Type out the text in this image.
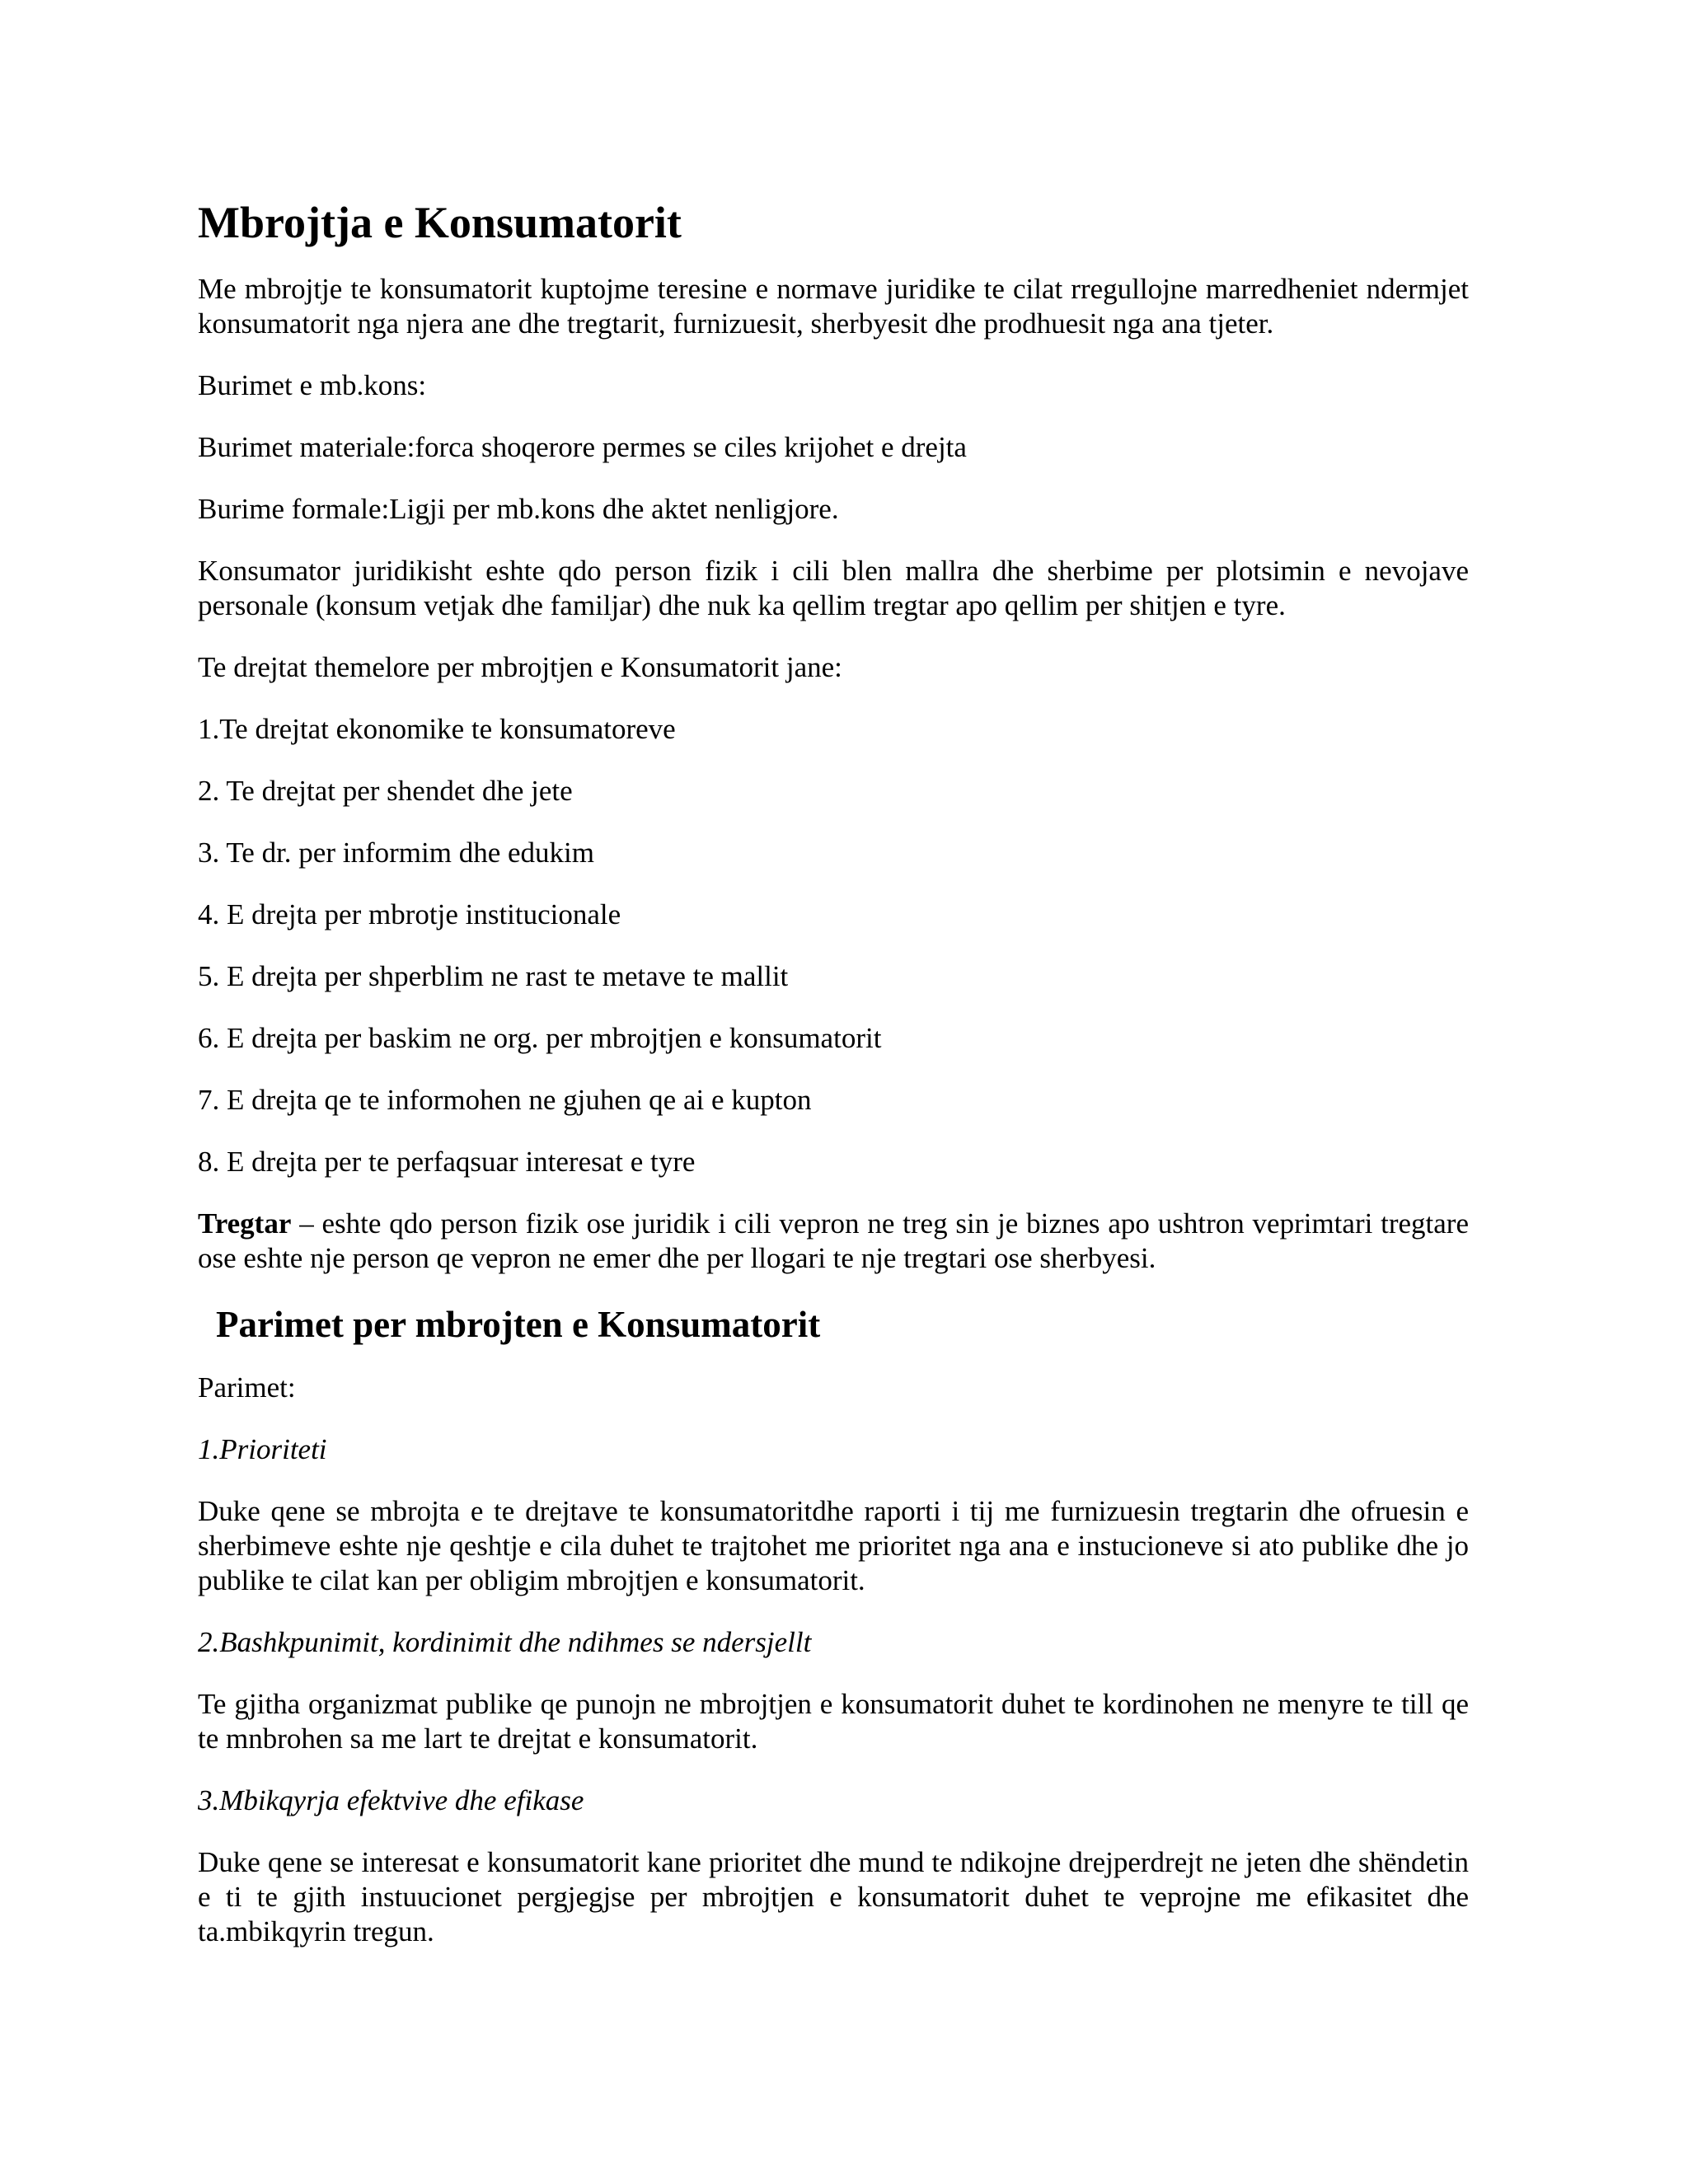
Mbrojtja e Konsumatorit

Me mbrojtje te konsumatorit kuptojme teresine e normave juridike te cilat rregullojne marredheniet ndermjet konsumatorit nga njera ane dhe tregtarit, furnizuesit, sherbyesit dhe prodhuesit nga ana tjeter.

Burimet e mb.kons:

Burimet materiale:forca shoqerore permes se ciles krijohet e drejta

Burime formale:Ligji per mb.kons dhe aktet nenligjore.

Konsumator juridikisht eshte qdo person fizik i cili blen mallra dhe sherbime per plotsimin e nevojave personale (konsum vetjak dhe familjar) dhe nuk ka qellim tregtar apo qellim per shitjen e tyre.

Te drejtat themelore per mbrojtjen e Konsumatorit jane:

1.Te drejtat ekonomike te konsumatoreve

2. Te drejtat per shendet dhe jete

3. Te dr. per informim dhe edukim

4. E drejta per mbrotje institucionale

5. E drejta per shperblim ne rast te metave te mallit

6. E drejta per baskim ne org. per mbrojtjen e konsumatorit

7. E drejta qe te informohen ne gjuhen qe ai e kupton

8. E drejta per te perfaqsuar interesat e tyre

Tregtar – eshte qdo person fizik ose juridik i cili vepron ne treg sin je biznes apo ushtron veprimtari tregtare ose eshte nje person qe vepron ne emer dhe per llogari te nje tregtari ose sherbyesi.

Parimet per mbrojten e Konsumatorit

Parimet:

1.Prioriteti

Duke qene se mbrojta e te drejtave te konsumatoritdhe raporti i tij me furnizuesin tregtarin dhe ofruesin e sherbimeve eshte nje qeshtje e cila duhet te trajtohet me prioritet nga ana e instucioneve si ato publike dhe jo publike te cilat kan per obligim mbrojtjen e konsumatorit.

2.Bashkpunimit, kordinimit dhe ndihmes se ndersjellt

Te gjitha organizmat publike qe punojn ne mbrojtjen e konsumatorit duhet te kordinohen ne menyre te till qe te mnbrohen sa me lart te drejtat e konsumatorit.

3.Mbikqyrja efektvive dhe efikase

Duke qene se interesat e konsumatorit kane prioritet dhe mund te ndikojne drejperdrejt ne jeten dhe shëndetin e ti te gjith instuucionet pergjegjse per mbrojtjen e konsumatorit duhet te veprojne me efikasitet dhe ta.mbikqyrin tregun.
